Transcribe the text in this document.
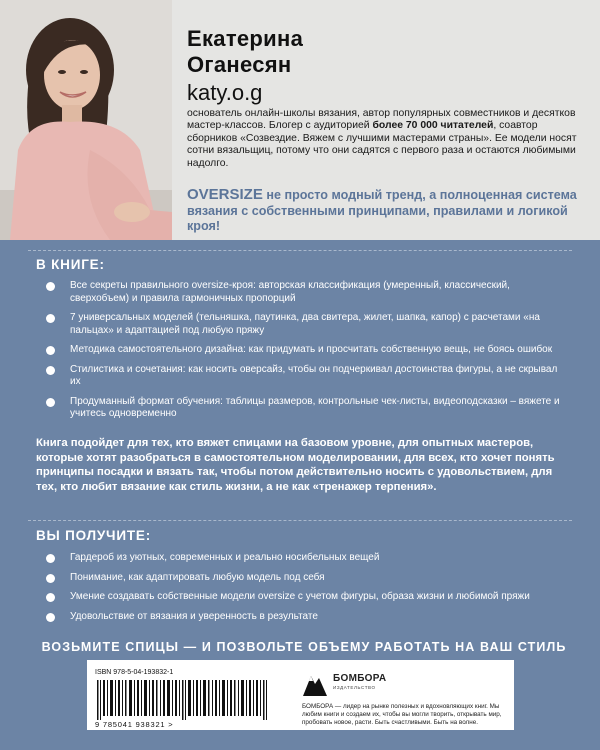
Екатерина
Оганесян
katy.o.g
основатель онлайн-школы вязания, автор популярных совместников и десятков мастер-классов. Блогер с аудиторией более 70 000 читателей, соавтор сборников «Созвездие. Вяжем с лучшими мастерами страны». Ее модели носят сотни вязальщиц, потому что они садятся с первого раза и остаются любимыми надолго.
OVERSIZE не просто модный тренд, а полноценная система вязания с собственными принципами, правилами и логикой кроя!
В КНИГЕ:
Все секреты правильного oversize-кроя: авторская классификация (умеренный, классический, сверхобъем) и правила гармоничных пропорций
7 универсальных моделей (тельняшка, паутинка, два свитера, жилет, шапка, капор) с расчетами «на пальцах» и адаптацией под любую пряжу
Методика самостоятельного дизайна: как придумать и просчитать собственную вещь, не боясь ошибок
Стилистика и сочетания: как носить оверсайз, чтобы он подчеркивал достоинства фигуры, а не скрывал их
Продуманный формат обучения: таблицы размеров, контрольные чек-листы, видеоподсказки – вяжете и учитесь одновременно
Книга подойдет для тех, кто вяжет спицами на базовом уровне, для опытных мастеров, которые хотят разобраться в самостоятельном моделировании, для всех, кто хочет понять принципы посадки и вязать так, чтобы потом действительно носить с удовольствием, для тех, кто любит вязание как стиль жизни, а не как «тренажер терпения».
ВЫ ПОЛУЧИТЕ:
Гардероб из уютных, современных и реально носибельных вещей
Понимание, как адаптировать любую модель под себя
Умение создавать собственные модели oversize с учетом фигуры, образа жизни и любимой пряжи
Удовольствие от вязания и уверенность в результате
ВОЗЬМИТЕ СПИЦЫ — И ПОЗВОЛЬТЕ ОБЪЕМУ РАБОТАТЬ НА ВАШ СТИЛЬ
ISBN 978-5-04-193832-1
9 785041 938321 >
БОМБОРА
ИЗДАТЕЛЬСТВО
БОМБОРА — лидер на рынке полезных и вдохновляющих книг. Мы любим книги и создаем их, чтобы вы могли творить, открывать мир, пробовать новое, расти. Быть счастливыми. Быть на волне.
